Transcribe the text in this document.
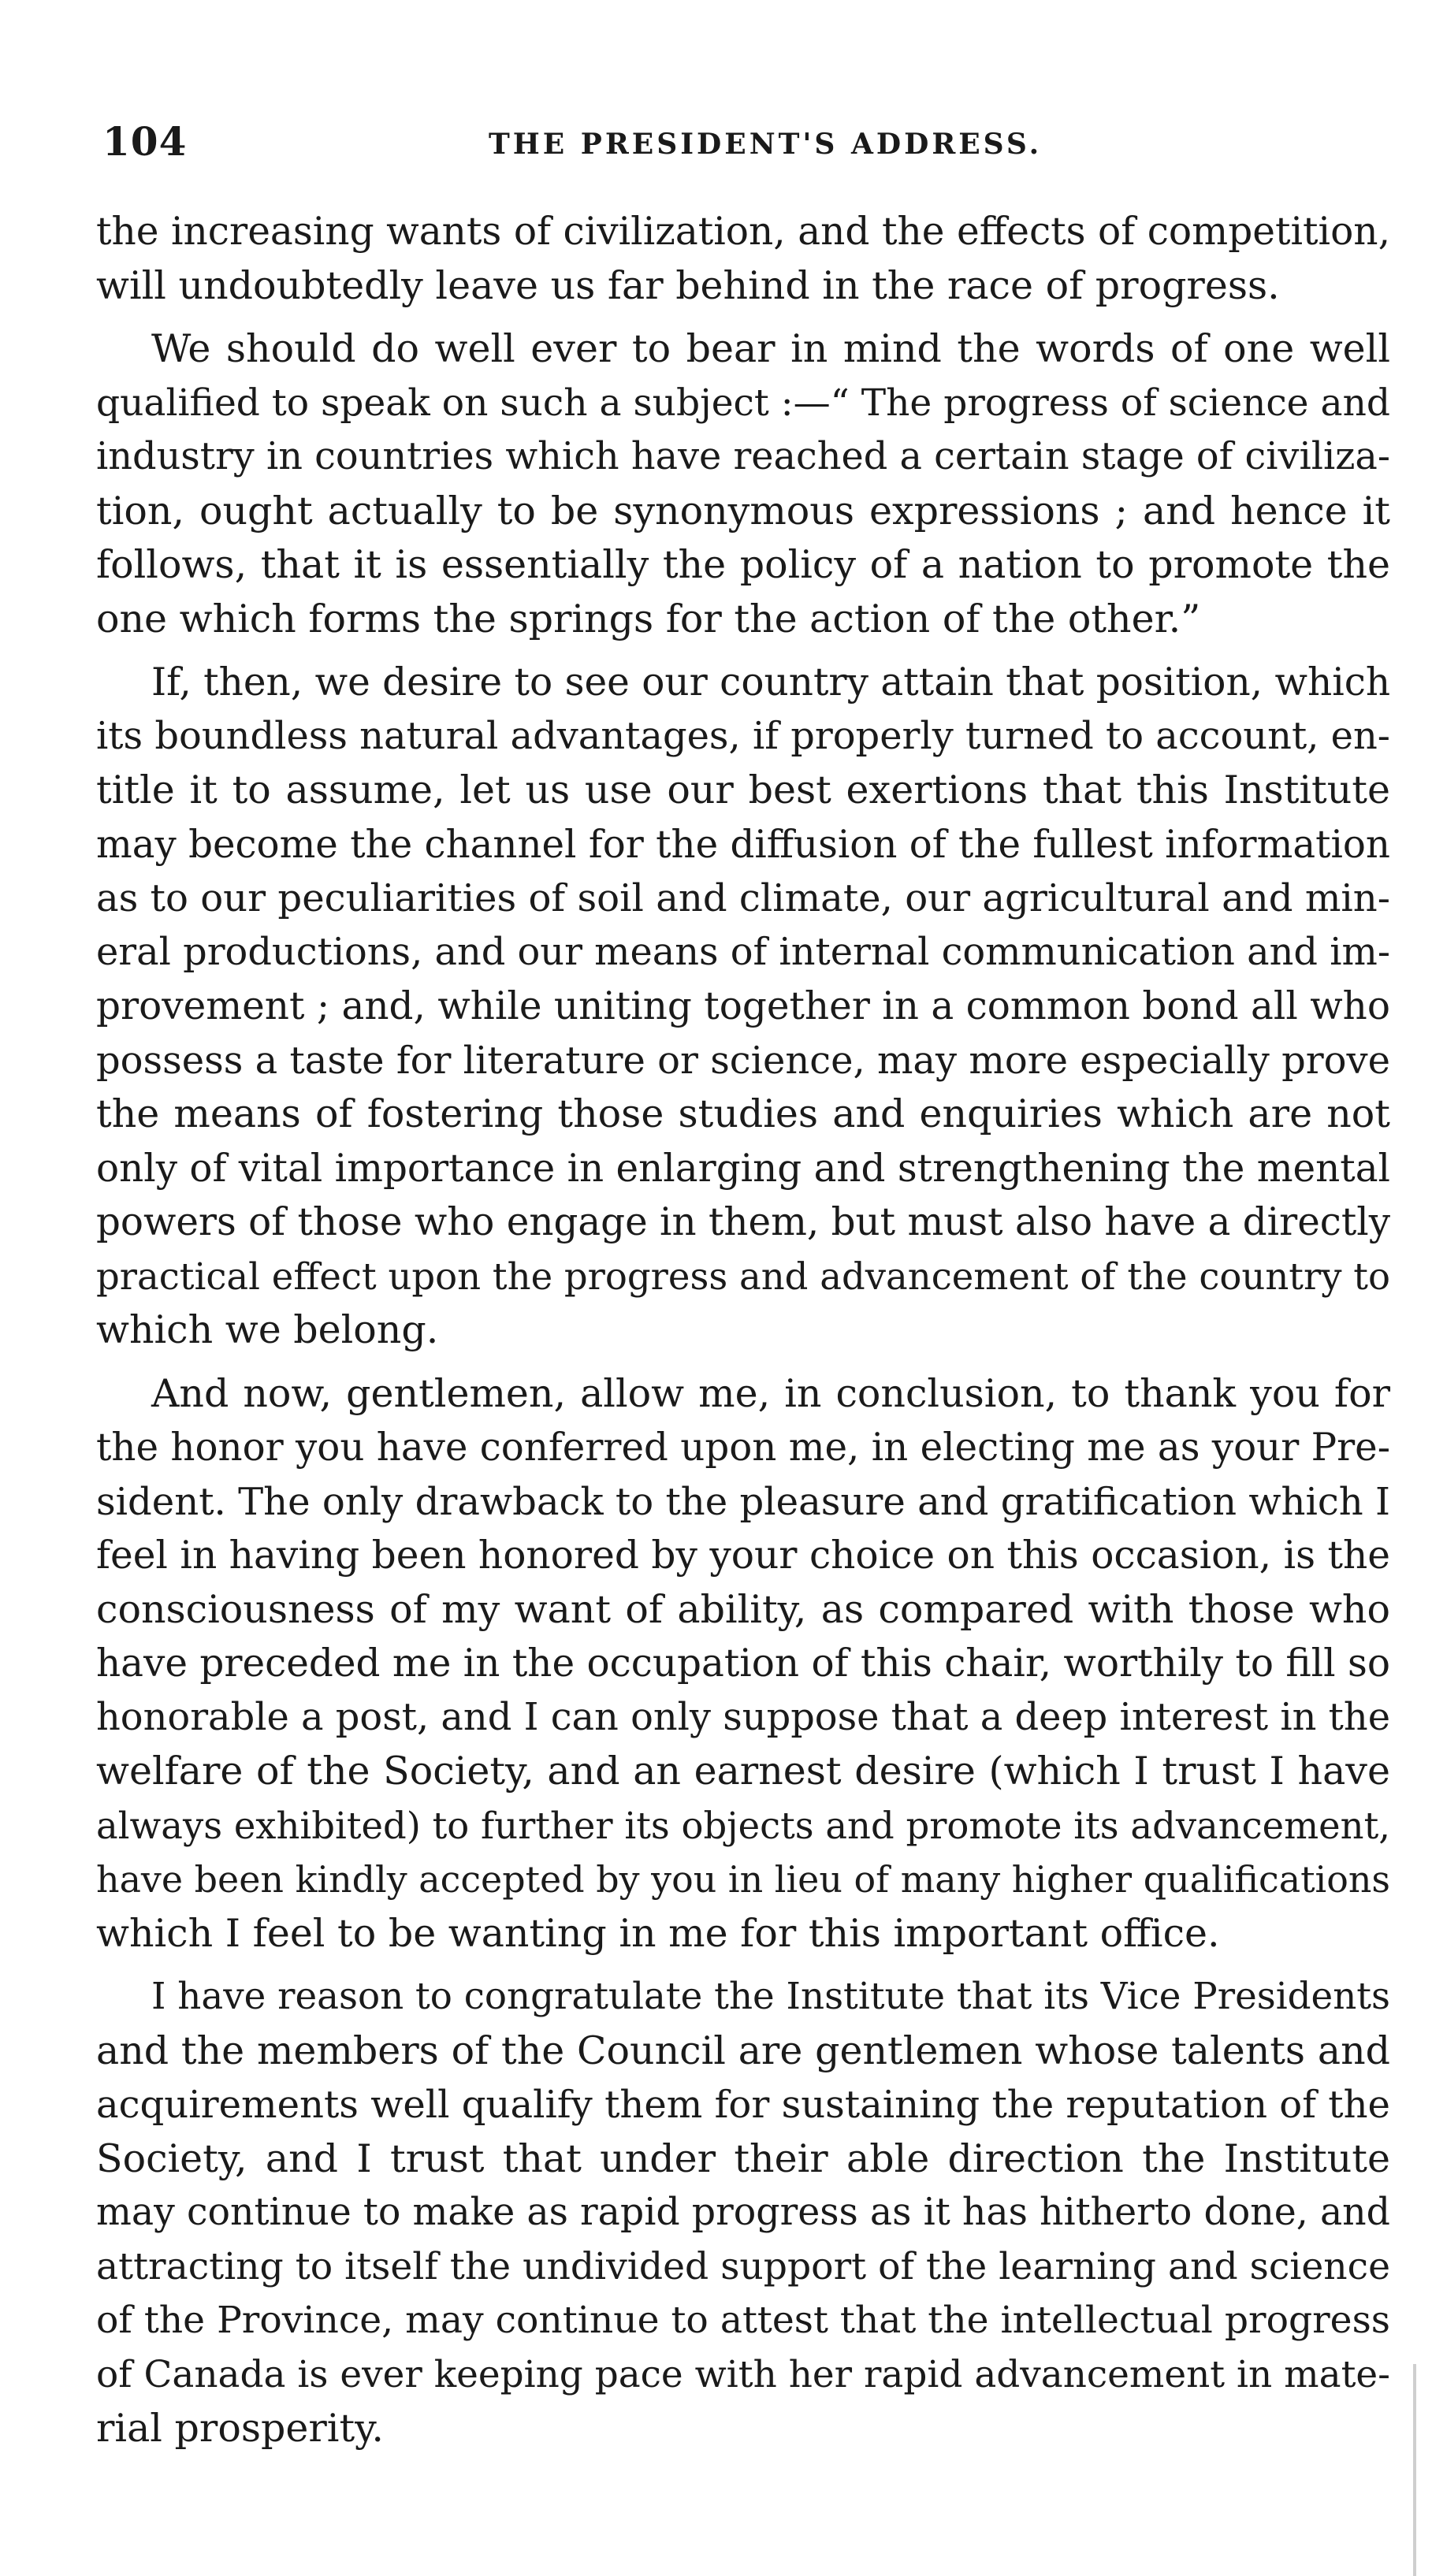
104	THE PRESIDENT'S ADDRESS.
the increasing wants of civilization, and the effects of competition,
will undoubtedly leave us far behind in the race of progress.
We should do well ever to bear in mind the words of one well
qualified to speak on such a subject :—“ The progress of science and
industry in countries which have reached a certain stage of civiliza-
tion, ought actually to be synonymous expressions ; and hence it
follows, that it is essentially the policy of a nation to promote the
one which forms the springs for the action of the other.”
If, then, we desire to see our country attain that position, which
its boundless natural advantages, if properly turned to account, en-
title it to assume, let us use our best exertions that this Institute
may become the channel for the diffusion of the fullest information
as to our peculiarities of soil and climate, our agricultural and min-
eral productions, and our means of internal communication and im-
provement ; and, while uniting together in a common bond all who
possess a taste for literature or science, may more especially prove
the means of fostering those studies and enquiries which are not
only of vital importance in enlarging and strengthening the mental
powers of those who engage in them, but must also have a directly
practical effect upon the progress and advancement of the country to
which we belong.
And now, gentlemen, allow me, in conclusion, to thank you for
the honor you have conferred upon me, in electing me as your Pre-
sident. The only drawback to the pleasure and gratification which I
feel in having been honored by your choice on this occasion, is the
consciousness of my want of ability, as compared with those who
have preceded me in the occupation of this chair, worthily to fill so
honorable a post, and I can only suppose that a deep interest in the
welfare of the Society, and an earnest desire (which I trust I have
always exhibited) to further its objects and promote its advancement,
have been kindly accepted by you in lieu of many higher qualifications
which I feel to be wanting in me for this important office.
I have reason to congratulate the Institute that its Vice Presidents
and the members of the Council are gentlemen whose talents and
acquirements well qualify them for sustaining the reputation of the
Society, and I trust that under their able direction the Institute
may continue to make as rapid progress as it has hitherto done, and
attracting to itself the undivided support of the learning and science
of the Province, may continue to attest that the intellectual progress
of Canada is ever keeping pace with her rapid advancement in mate-
rial prosperity.
